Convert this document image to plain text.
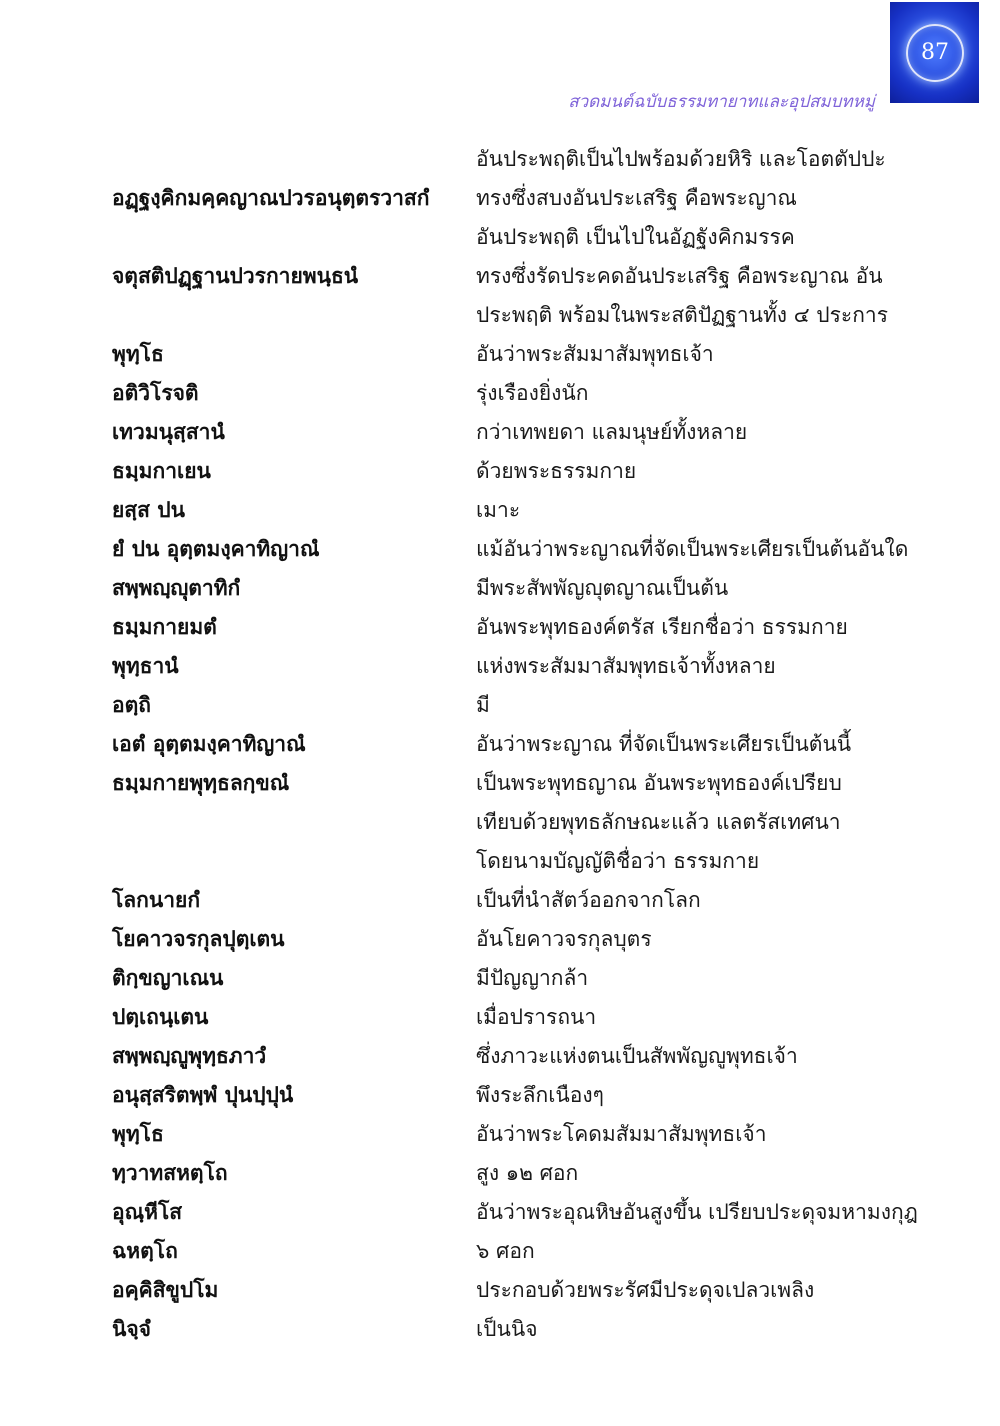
87
สวดมนต์ฉบับธรรมทายาทและอุปสมบทหมู่
อันประพฤติเป็นไปพร้อมด้วยหิริ และโอตตัปปะ
อฏฺฐงฺคิกมคฺคญาณปวรอนุตฺตรวาสกํ	ทรงซึ่งสบงอันประเสริฐ คือพระญาณ
อันประพฤติ เป็นไปในอัฏฐังคิกมรรค
จตุสติปฏฺฐานปวรกายพนฺธนํ	ทรงซึ่งรัดประคดอันประเสริฐ คือพระญาณ อัน
ประพฤติ พร้อมในพระสติปัฏฐานทั้ง ๔ ประการ
พุทฺโธ	อันว่าพระสัมมาสัมพุทธเจ้า
อติวิโรจติ	รุ่งเรืองยิ่งนัก
เทวมนุสฺสานํ	กว่าเทพยดา แลมนุษย์ทั้งหลาย
ธมฺมกาเยน	ด้วยพระธรรมกาย
ยสฺส ปน	เมาะ
ยํ ปน อุตฺตมงฺคาทิญาณํ	แม้อันว่าพระญาณที่จัดเป็นพระเศียรเป็นต้นอันใด
สพฺพญฺญุตาทิกํ	มีพระสัพพัญญุตญาณเป็นต้น
ธมฺมกายมตํ	อันพระพุทธองค์ตรัส เรียกชื่อว่า ธรรมกาย
พุทฺธานํ	แห่งพระสัมมาสัมพุทธเจ้าทั้งหลาย
อตฺถิ	มี
เอตํ อุตฺตมงฺคาทิญาณํ	อันว่าพระญาณ ที่จัดเป็นพระเศียรเป็นต้นนี้
ธมฺมกายพุทฺธลกฺขณํ	เป็นพระพุทธญาณ อันพระพุทธองค์เปรียบ
เทียบด้วยพุทธลักษณะแล้ว แลตรัสเทศนา
โดยนามบัญญัติชื่อว่า ธรรมกาย
โลกนายกํ	เป็นที่นำสัตว์ออกจากโลก
โยคาวจรกุลปุตฺเตน	อันโยคาวจรกุลบุตร
ติกฺขญาเณน	มีปัญญากล้า
ปตฺเถนฺเตน	เมื่อปรารถนา
สพฺพญฺญูพุทฺธภาวํ	ซึ่งภาวะแห่งตนเป็นสัพพัญญูพุทธเจ้า
อนุสฺสริตพฺพํ ปุนปฺปุนํ	พึงระลึกเนืองๆ
พุทฺโธ	อันว่าพระโคดมสัมมาสัมพุทธเจ้า
ทฺวาทสหตฺโถ	สูง ๑๒ ศอก
อุณฺหีโส	อันว่าพระอุณหิษอันสูงขึ้น เปรียบประดุจมหามงกุฎ
ฉหตฺโถ	๖ ศอก
อคฺคิสิขูปโม	ประกอบด้วยพระรัศมีประดุจเปลวเพลิง
นิจฺจํ	เป็นนิจ
